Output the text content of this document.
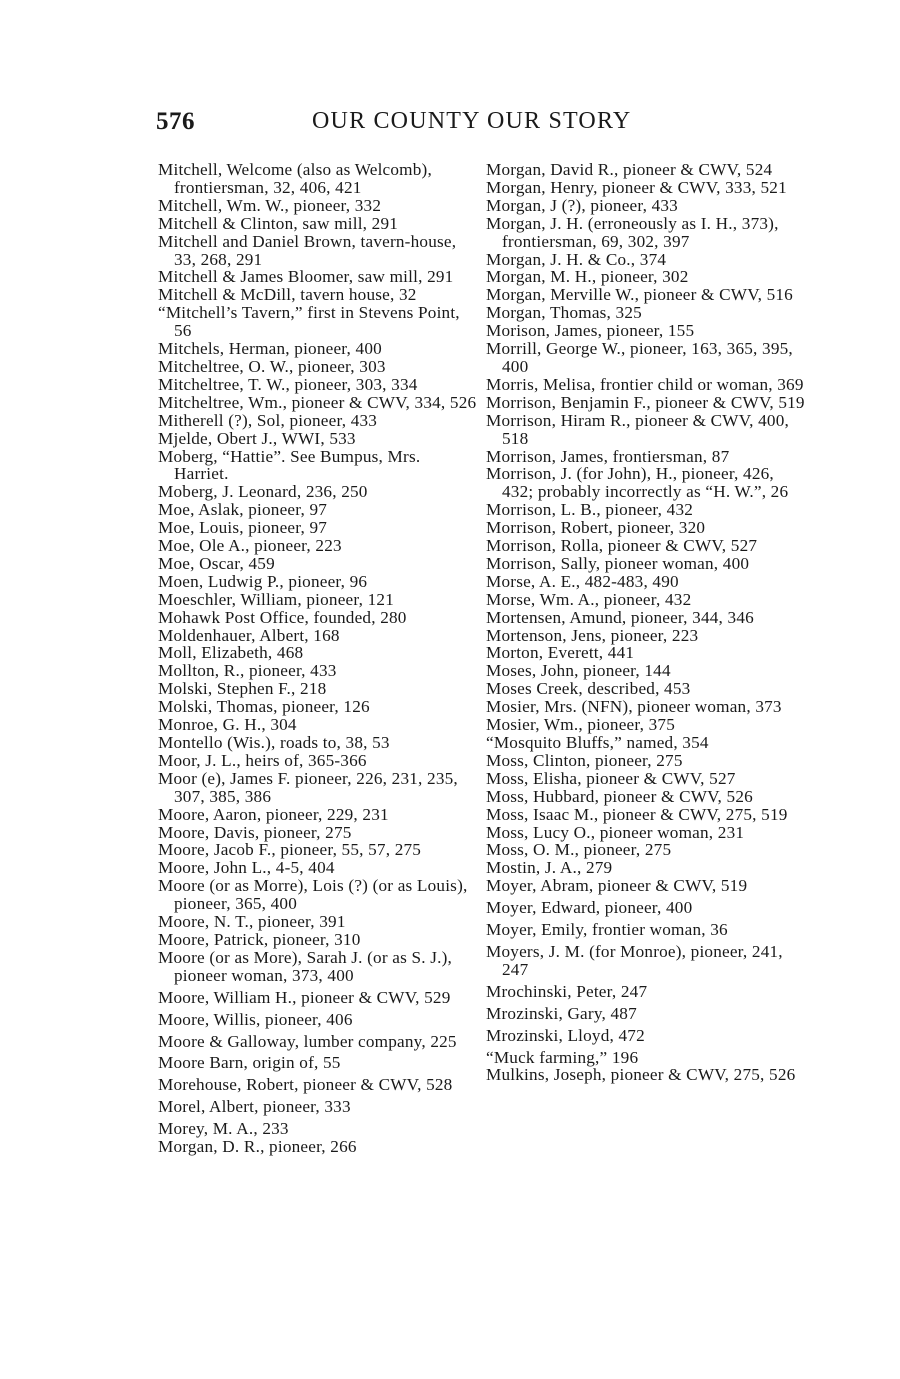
576	OUR COUNTY OUR STORY

Mitchell, Welcome (also as Welcomb), frontiersman, 32, 406, 421

Mitchell, Wm. W., pioneer, 332

Mitchell & Clinton, saw mill, 291

Mitchell and Daniel Brown, tavern-house, 33, 268, 291

Mitchell & James Bloomer, saw mill, 291

Mitchell & McDill, tavern house, 32

“Mitchell’s Tavern,” first in Stevens Point, 56

Mitchels, Herman, pioneer, 400

Mitcheltree, O. W., pioneer, 303

Mitcheltree, T. W., pioneer, 303, 334

Mitcheltree, Wm., pioneer & CWV, 334, 526

Mitherell (?), Sol, pioneer, 433

Mjelde, Obert J., WWI, 533

Moberg, “Hattie”. See Bumpus, Mrs. Harriet.

Moberg, J. Leonard, 236, 250

Moe, Aslak, pioneer, 97

Moe, Louis, pioneer, 97

Moe, Ole A., pioneer, 223

Moe, Oscar, 459

Moen, Ludwig P., pioneer, 96

Moeschler, William, pioneer, 121

Mohawk Post Office, founded, 280

Moldenhauer, Albert, 168

Moll, Elizabeth, 468

Mollton, R., pioneer, 433

Molski, Stephen F., 218

Molski, Thomas, pioneer, 126

Monroe, G. H., 304

Montello (Wis.), roads to, 38, 53

Moor, J. L., heirs of, 365-366

Moor (e), James F. pioneer, 226, 231, 235, 307, 385, 386

Moore, Aaron, pioneer, 229, 231

Moore, Davis, pioneer, 275

Moore, Jacob F., pioneer, 55, 57, 275

Moore, John L., 4-5, 404

Moore (or as Morre), Lois (?) (or as Louis), pioneer, 365, 400

Moore, N. T., pioneer, 391

Moore, Patrick, pioneer, 310

Moore (or as More), Sarah J. (or as S. J.), pioneer woman, 373, 400

Moore, William H., pioneer & CWV, 529

Moore, Willis, pioneer, 406

Moore & Galloway, lumber company, 225

Moore Barn, origin of, 55

Morehouse, Robert, pioneer & CWV, 528

Morel, Albert, pioneer, 333

Morey, M. A., 233

Morgan, D. R., pioneer, 266

Morgan, David R., pioneer & CWV, 524

Morgan, Henry, pioneer & CWV, 333, 521

Morgan, J (?), pioneer, 433

Morgan, J. H. (erroneously as I. H., 373), frontiersman, 69, 302, 397

Morgan, J. H. & Co., 374

Morgan, M. H., pioneer, 302

Morgan, Merville W., pioneer & CWV, 516

Morgan, Thomas, 325

Morison, James, pioneer, 155

Morrill, George W., pioneer, 163, 365, 395, 400

Morris, Melisa, frontier child or woman, 369

Morrison, Benjamin F., pioneer & CWV, 519

Morrison, Hiram R., pioneer & CWV, 400, 518

Morrison, James, frontiersman, 87

Morrison, J. (for John), H., pioneer, 426, 432; probably incorrectly as “H. W.”, 26

Morrison, L. B., pioneer, 432

Morrison, Robert, pioneer, 320

Morrison, Rolla, pioneer & CWV, 527

Morrison, Sally, pioneer woman, 400

Morse, A. E., 482-483, 490

Morse, Wm. A., pioneer, 432

Mortensen, Amund, pioneer, 344, 346

Mortenson, Jens, pioneer, 223

Morton, Everett, 441

Moses, John, pioneer, 144

Moses Creek, described, 453

Mosier, Mrs. (NFN), pioneer woman, 373

Mosier, Wm., pioneer, 375

“Mosquito Bluffs,” named, 354

Moss, Clinton, pioneer, 275

Moss, Elisha, pioneer & CWV, 527

Moss, Hubbard, pioneer & CWV, 526

Moss, Isaac M., pioneer & CWV, 275, 519

Moss, Lucy O., pioneer woman, 231

Moss, O. M., pioneer, 275

Mostin, J. A., 279

Moyer, Abram, pioneer & CWV, 519

Moyer, Edward, pioneer, 400

Moyer, Emily, frontier woman, 36

Moyers, J. M. (for Monroe), pioneer, 241, 247

Mrochinski, Peter, 247

Mrozinski, Gary, 487

Mrozinski, Lloyd, 472

“Muck farming,” 196

Mulkins, Joseph, pioneer & CWV, 275, 526
